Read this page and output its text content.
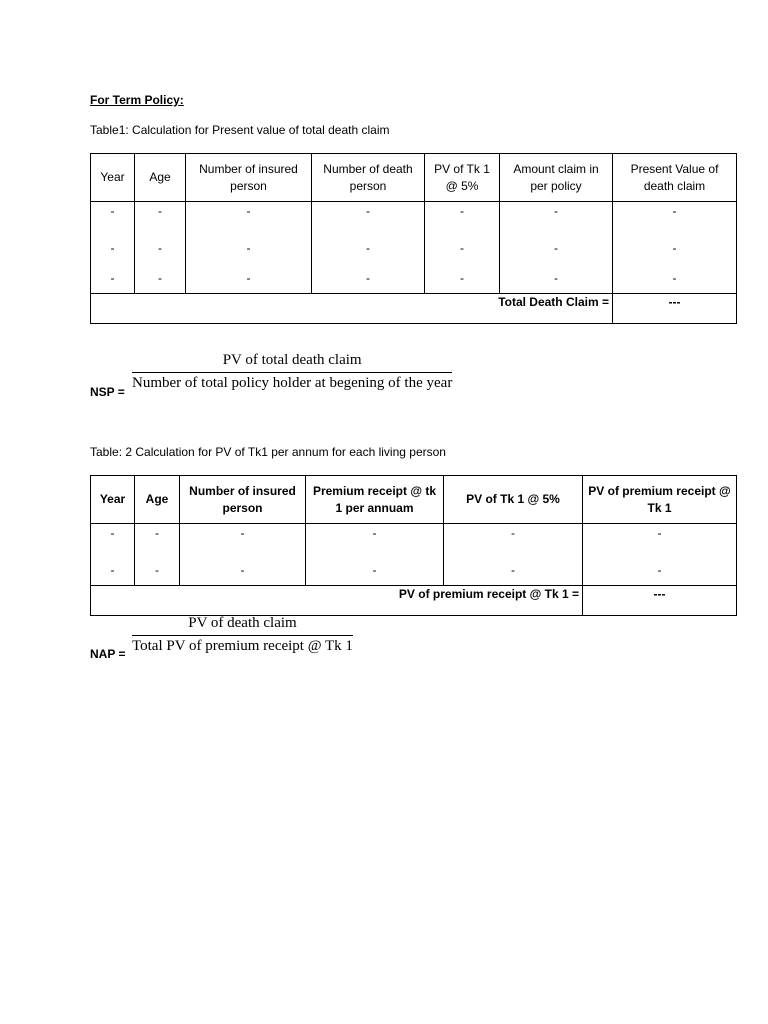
For Term Policy:
Table1: Calculation for Present value of total death claim
Year	Age	Number of insured person	Number of death person	PV of Tk 1 @ 5%	Amount claim in per policy	Present Value of death claim
-	-	-	-	-	-	-
-	-	-	-	-	-	-
-	-	-	-	-	-	-
Total Death Claim =						---
NSP =
PV of total death claim
Number of total policy holder at begening of the year
Table: 2 Calculation for PV of Tk1 per annum for each living person
Year	Age	Number of insured person	Premium receipt @ tk 1 per annuam	PV of Tk 1 @ 5%	PV of premium receipt @ Tk 1
-	-	-	-	-	-
-	-	-	-	-	-
PV of premium receipt @ Tk 1 =					---
NAP =
PV of death claim
Total PV of premium receipt @ Tk 1
